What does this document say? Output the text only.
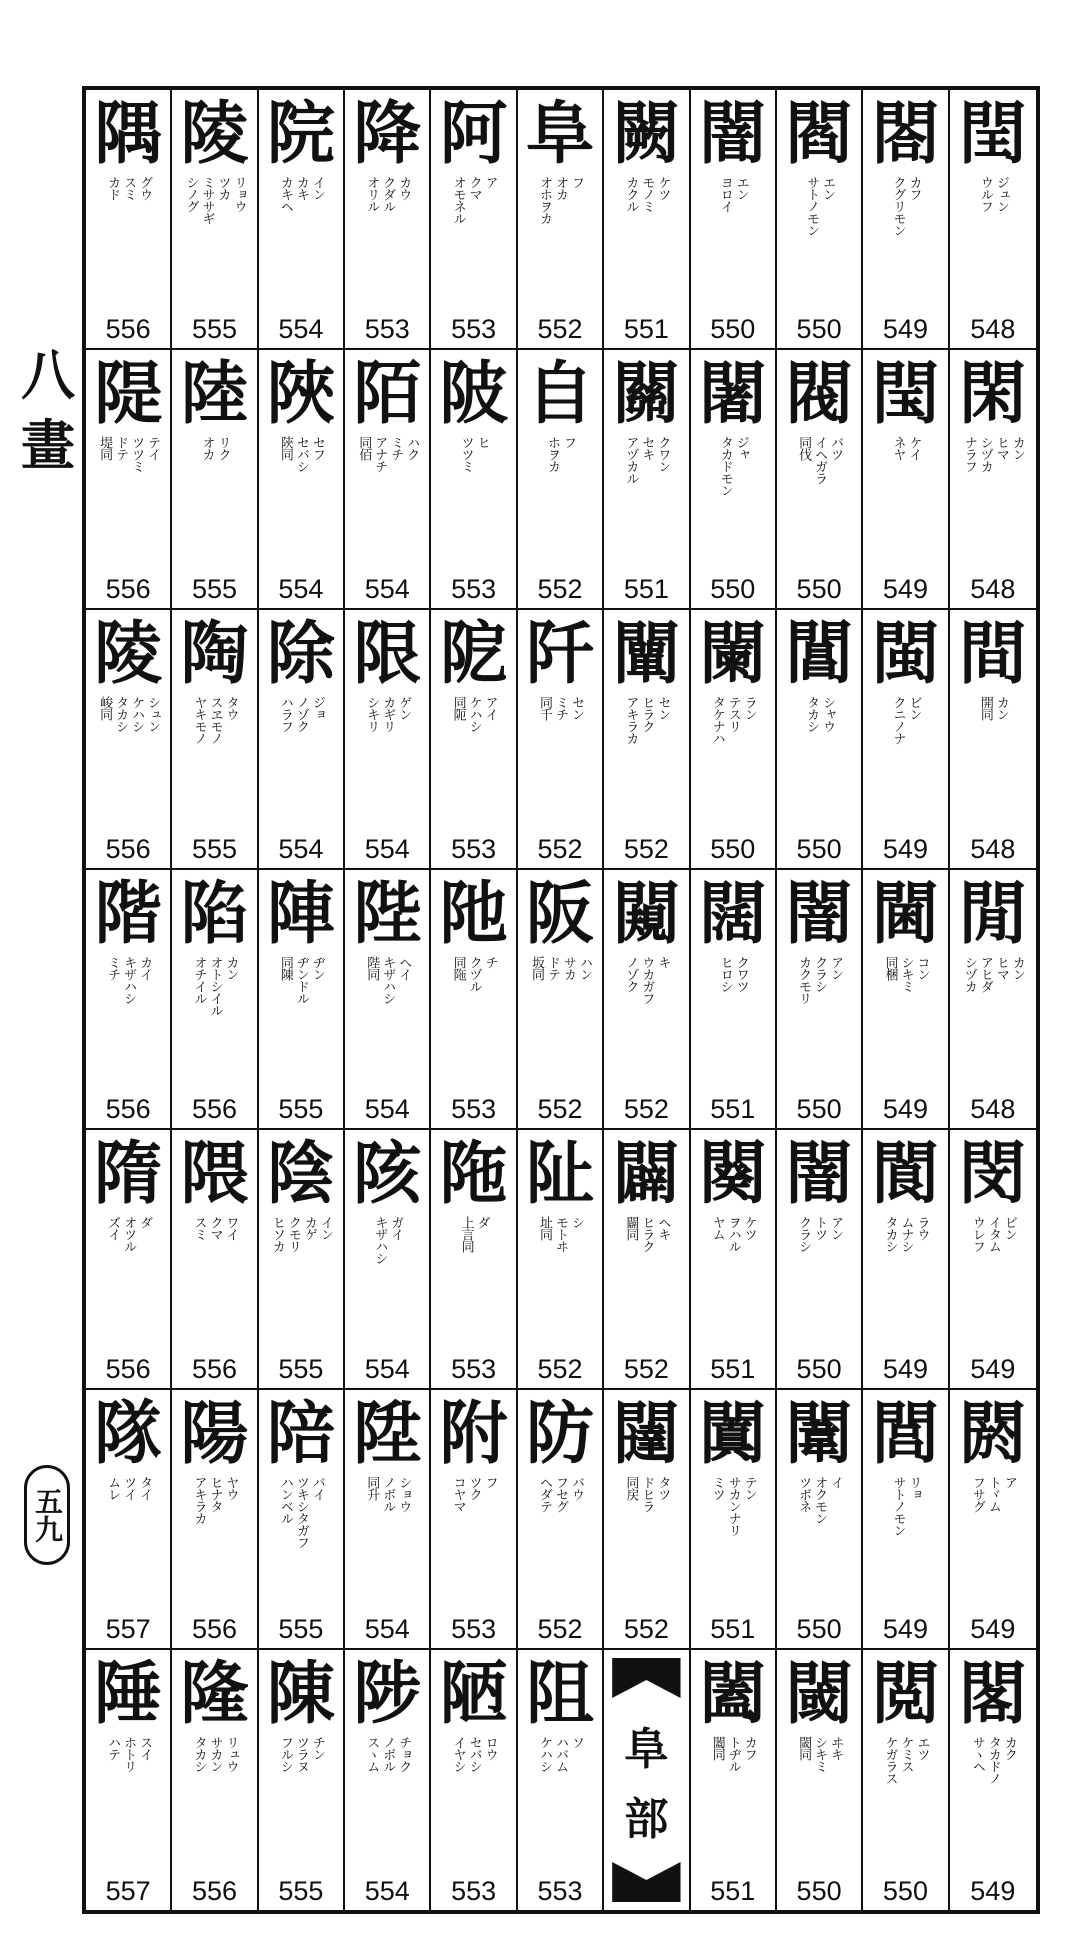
八
畫
五九
隅
グウ
スミ
カド
556
陵
リョウ
ツカ
ミササギ
シノグ
555
院
イン
カキ
カキヘ
554
降
カウ
クダル
オリル
553
阿
ア
クマ
オモネル
553
阜
フ
オカ
オホヲカ
552
闕
ケツ
モノミ
カクル
551
闇
エン
ヨロイ
550
閻
エン
サトノモン
550
閤
カフ
クグリモン
549
閏
ジュン
ウルフ
548
隄
テイ
ツツミ
ドテ
堤同
556
陸
リク
オカ
555
陜
セフ
セバシ
陝同
554
陌
ハク
ミチ
アナチ
同佰
554
陂
ヒ
ツツミ
553
自
フ
ホヲカ
552
關
クワン
セキ
アヅカル
551
闍
ジャ
タカドモン
550
閥
バツ
イヘガラ
同伐
550
閠
ケイ
ネヤ
549
閑
カン
ヒマ
シヅカ
ナラフ
548
陵
シュン
ケハシ
タカシ
峻同
556
陶
タウ
スヱモノ
ヤキモノ
555
除
ジョ
ノゾク
ハラフ
554
限
ゲン
カギリ
シキリ
554
阸
アイ
ケハシ
同阨
553
阡
セン
ミチ
同千
552
闡
セン
ヒラク
アキラカ
552
闌
ラン
テスリ
タケナハ
550
閶
シャウ
タカシ
550
閩
ビン
クニノナ
549
間
カン
開同
548
階
カイ
キザハシ
ミチ
556
陷
カン
オトシイル
オチイル
556
陣
ヂン
ヂンドル
同陳
555
陛
ヘイ
キザハシ
陛同
554
阤
チ
クヅル
同陁
553
阪
ハン
サカ
ドテ
坂同
552
闚
キ
ウカガフ
ノゾク
552
闊
クワツ
ヒロシ
551
闇
アン
クラシ
カクモリ
550
閫
コン
シキミ
同梱
549
閒
カン
ヒマ
アヒダ
シヅカ
548
隋
ダ
オツル
ズイ
556
隈
ワイ
クマ
スミ
556
陰
イン
カゲ
クモリ
ヒソカ
555
陔
ガイ
キザハシ
554
陁
ダ
上言同
553
阯
シ
モトヰ
址同
552
闢
ヘキ
ヒラク
闢同
552
闋
ケツ
ヲハル
ヤム
551
闇
アン
トツ
クラシ
550
閬
ラウ
ムナシ
タカシ
549
閔
ビン
イタム
ウレフ
549
隊
タイ
ツイ
ムレ
557
陽
ヤウ
ヒナタ
アキラカ
556
陪
バイ
ツキシタガフ
ハンベル
555
陞
ショウ
ノボル
同升
554
附
フ
ツク
コヤマ
553
防
バウ
フセグ
ヘダテ
552
闥
タツ
ドヒラ
同戻
552
闐
テン
サカンナリ
ミツ
551
闈
イ
オクモン
ツボネ
550
閭
リョ
サトノモン
549
閼
ア
トヾム
フサグ
549
陲
スイ
ホトリ
ハテ
557
隆
リュウ
サカン
タカシ
556
陳
チン
ツラヌ
フルシ
555
陟
チョク
ノボル
スヽム
554
陋
ロウ
セバシ
イヤシ
553
阻
ソ
ハバム
ケハシ
553
阜
部
闔
カフ
トヂル
闔同
551
閾
ヰキ
シキミ
閾同
550
閲
エツ
ケミス
ケガラス
550
閣
カク
タカドノ
サヽヘ
549
